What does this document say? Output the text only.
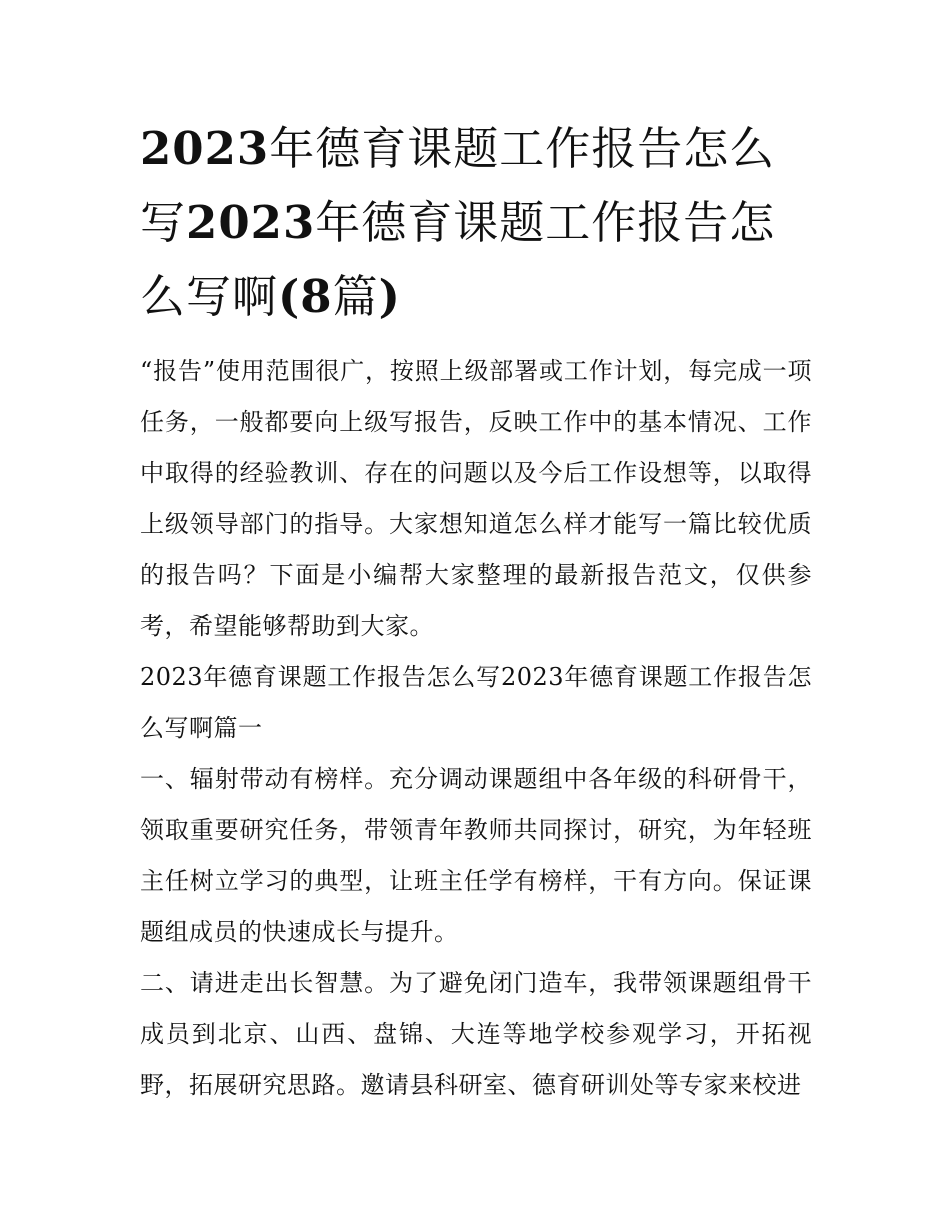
2023年德育课题工作报告怎么写2023年德育课题工作报告怎么写啊(8篇)

“报告”使用范围很广，按照上级部署或工作计划，每完成一项任务，一般都要向上级写报告，反映工作中的基本情况、工作中取得的经验教训、存在的问题以及今后工作设想等，以取得上级领导部门的指导。大家想知道怎么样才能写一篇比较优质的报告吗？下面是小编帮大家整理的最新报告范文，仅供参考，希望能够帮助到大家。

2023年德育课题工作报告怎么写2023年德育课题工作报告怎么写啊篇一

一、辐射带动有榜样。充分调动课题组中各年级的科研骨干，领取重要研究任务，带领青年教师共同探讨，研究，为年轻班主任树立学习的典型，让班主任学有榜样，干有方向。保证课题组成员的快速成长与提升。

二、请进走出长智慧。为了避免闭门造车，我带领课题组骨干成员到北京、山西、盘锦、大连等地学校参观学习，开拓视野，拓展研究思路。邀请县科研室、德育研训处等专家来校进
